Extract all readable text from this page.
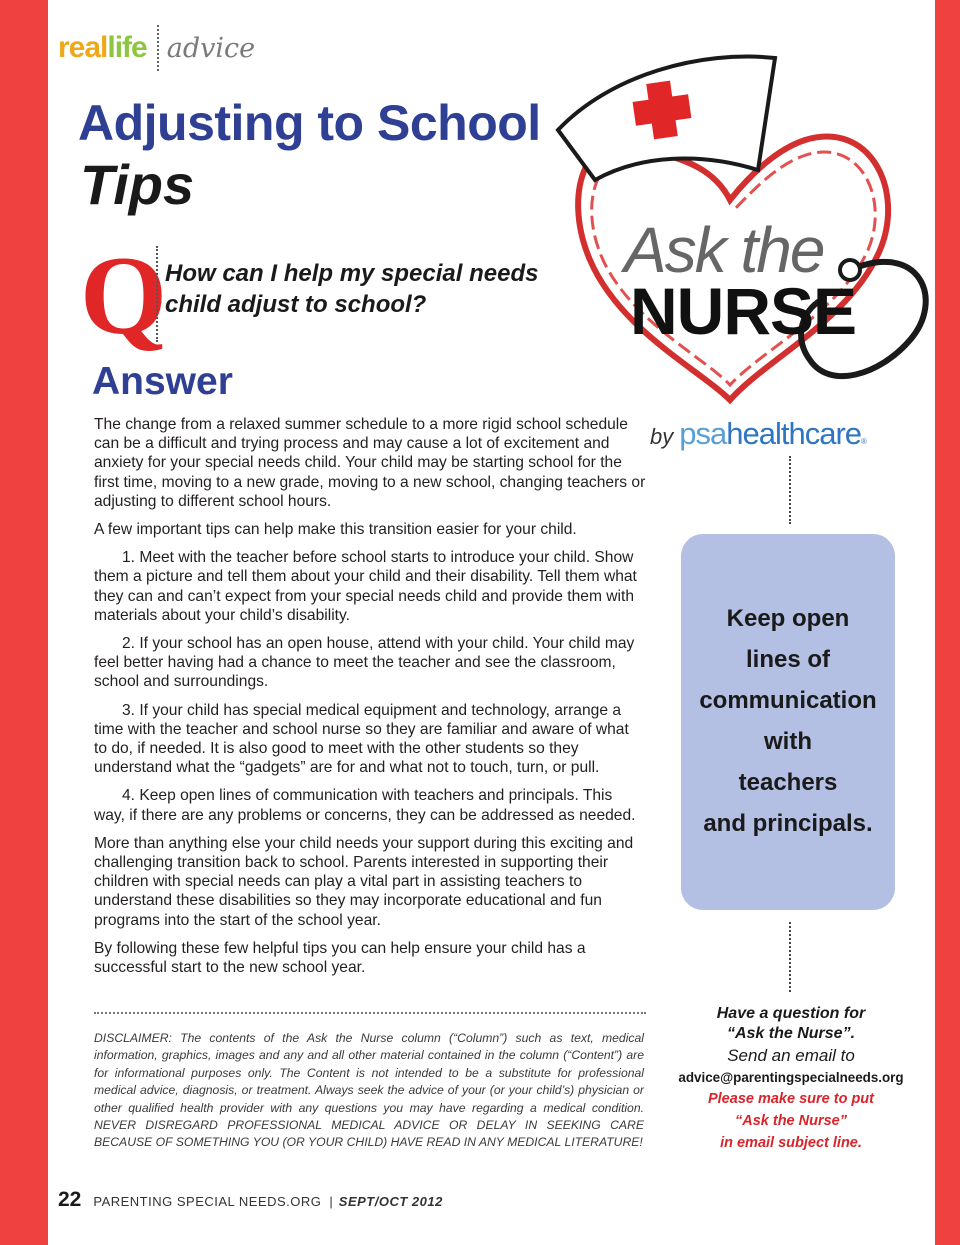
real life advice
Adjusting to School
Tips
Q
How can I help my special needs child adjust to school?
Answer

The change from a relaxed summer schedule to a more rigid school schedule can be a difficult and trying process and may cause a lot of excitement and anxiety for your special needs child. Your child may be starting school for the first time, moving to a new grade, moving to a new school, changing teachers or adjusting to different school hours.

A few important tips can help make this transition easier for your child.

1. Meet with the teacher before school starts to introduce your child. Show them a picture and tell them about your child and their disability. Tell them what they can and can’t expect from your special needs child and provide them with materials about your child’s disability.

2. If your school has an open house, attend with your child. Your child may feel better having had a chance to meet the teacher and see the classroom, school and surroundings.

3. If your child has special medical equipment and technology, arrange a time with the teacher and school nurse so they are familiar and aware of what to do, if needed. It is also good to meet with the other students so they understand what the “gadgets” are for and what not to touch, turn, or pull.

4. Keep open lines of communication with teachers and principals. This way, if there are any problems or concerns, they can be addressed as needed.

More than anything else your child needs your support during this exciting and challenging transition back to school. Parents interested in supporting their children with special needs can play a vital part in assisting teachers to understand these disabilities so they may incorporate educational and fun programs into the start of the school year.

By following these few helpful tips you can help ensure your child has a successful start to the new school year.

DISCLAIMER: The contents of the Ask the Nurse column (“Column”) such as text, medical information, graphics, images and any and all other material contained in the column (“Content”) are for informational purposes only. The Content is not intended to be a substitute for professional medical advice, diagnosis, or treatment. Always seek the advice of your (or your child’s) physician or other qualified health provider with any questions you may have regarding a medical condition. NEVER DISREGARD PROFESSIONAL MEDICAL ADVICE OR DELAY IN SEEKING CARE BECAUSE OF SOMETHING YOU (OR YOUR CHILD) HAVE READ IN ANY MEDICAL LITERATURE!
Ask the
NURSE
by psa healthcare ®
Keep open
lines of
communication
with
teachers
and principals.
Have a question for
“Ask the Nurse”.
Send an email to
advice@parentingspecialneeds.org
Please make sure to put
“Ask the Nurse”
in email subject line.
22 PARENTING SPECIAL NEEDS.ORG | SEPT/OCT 2012
